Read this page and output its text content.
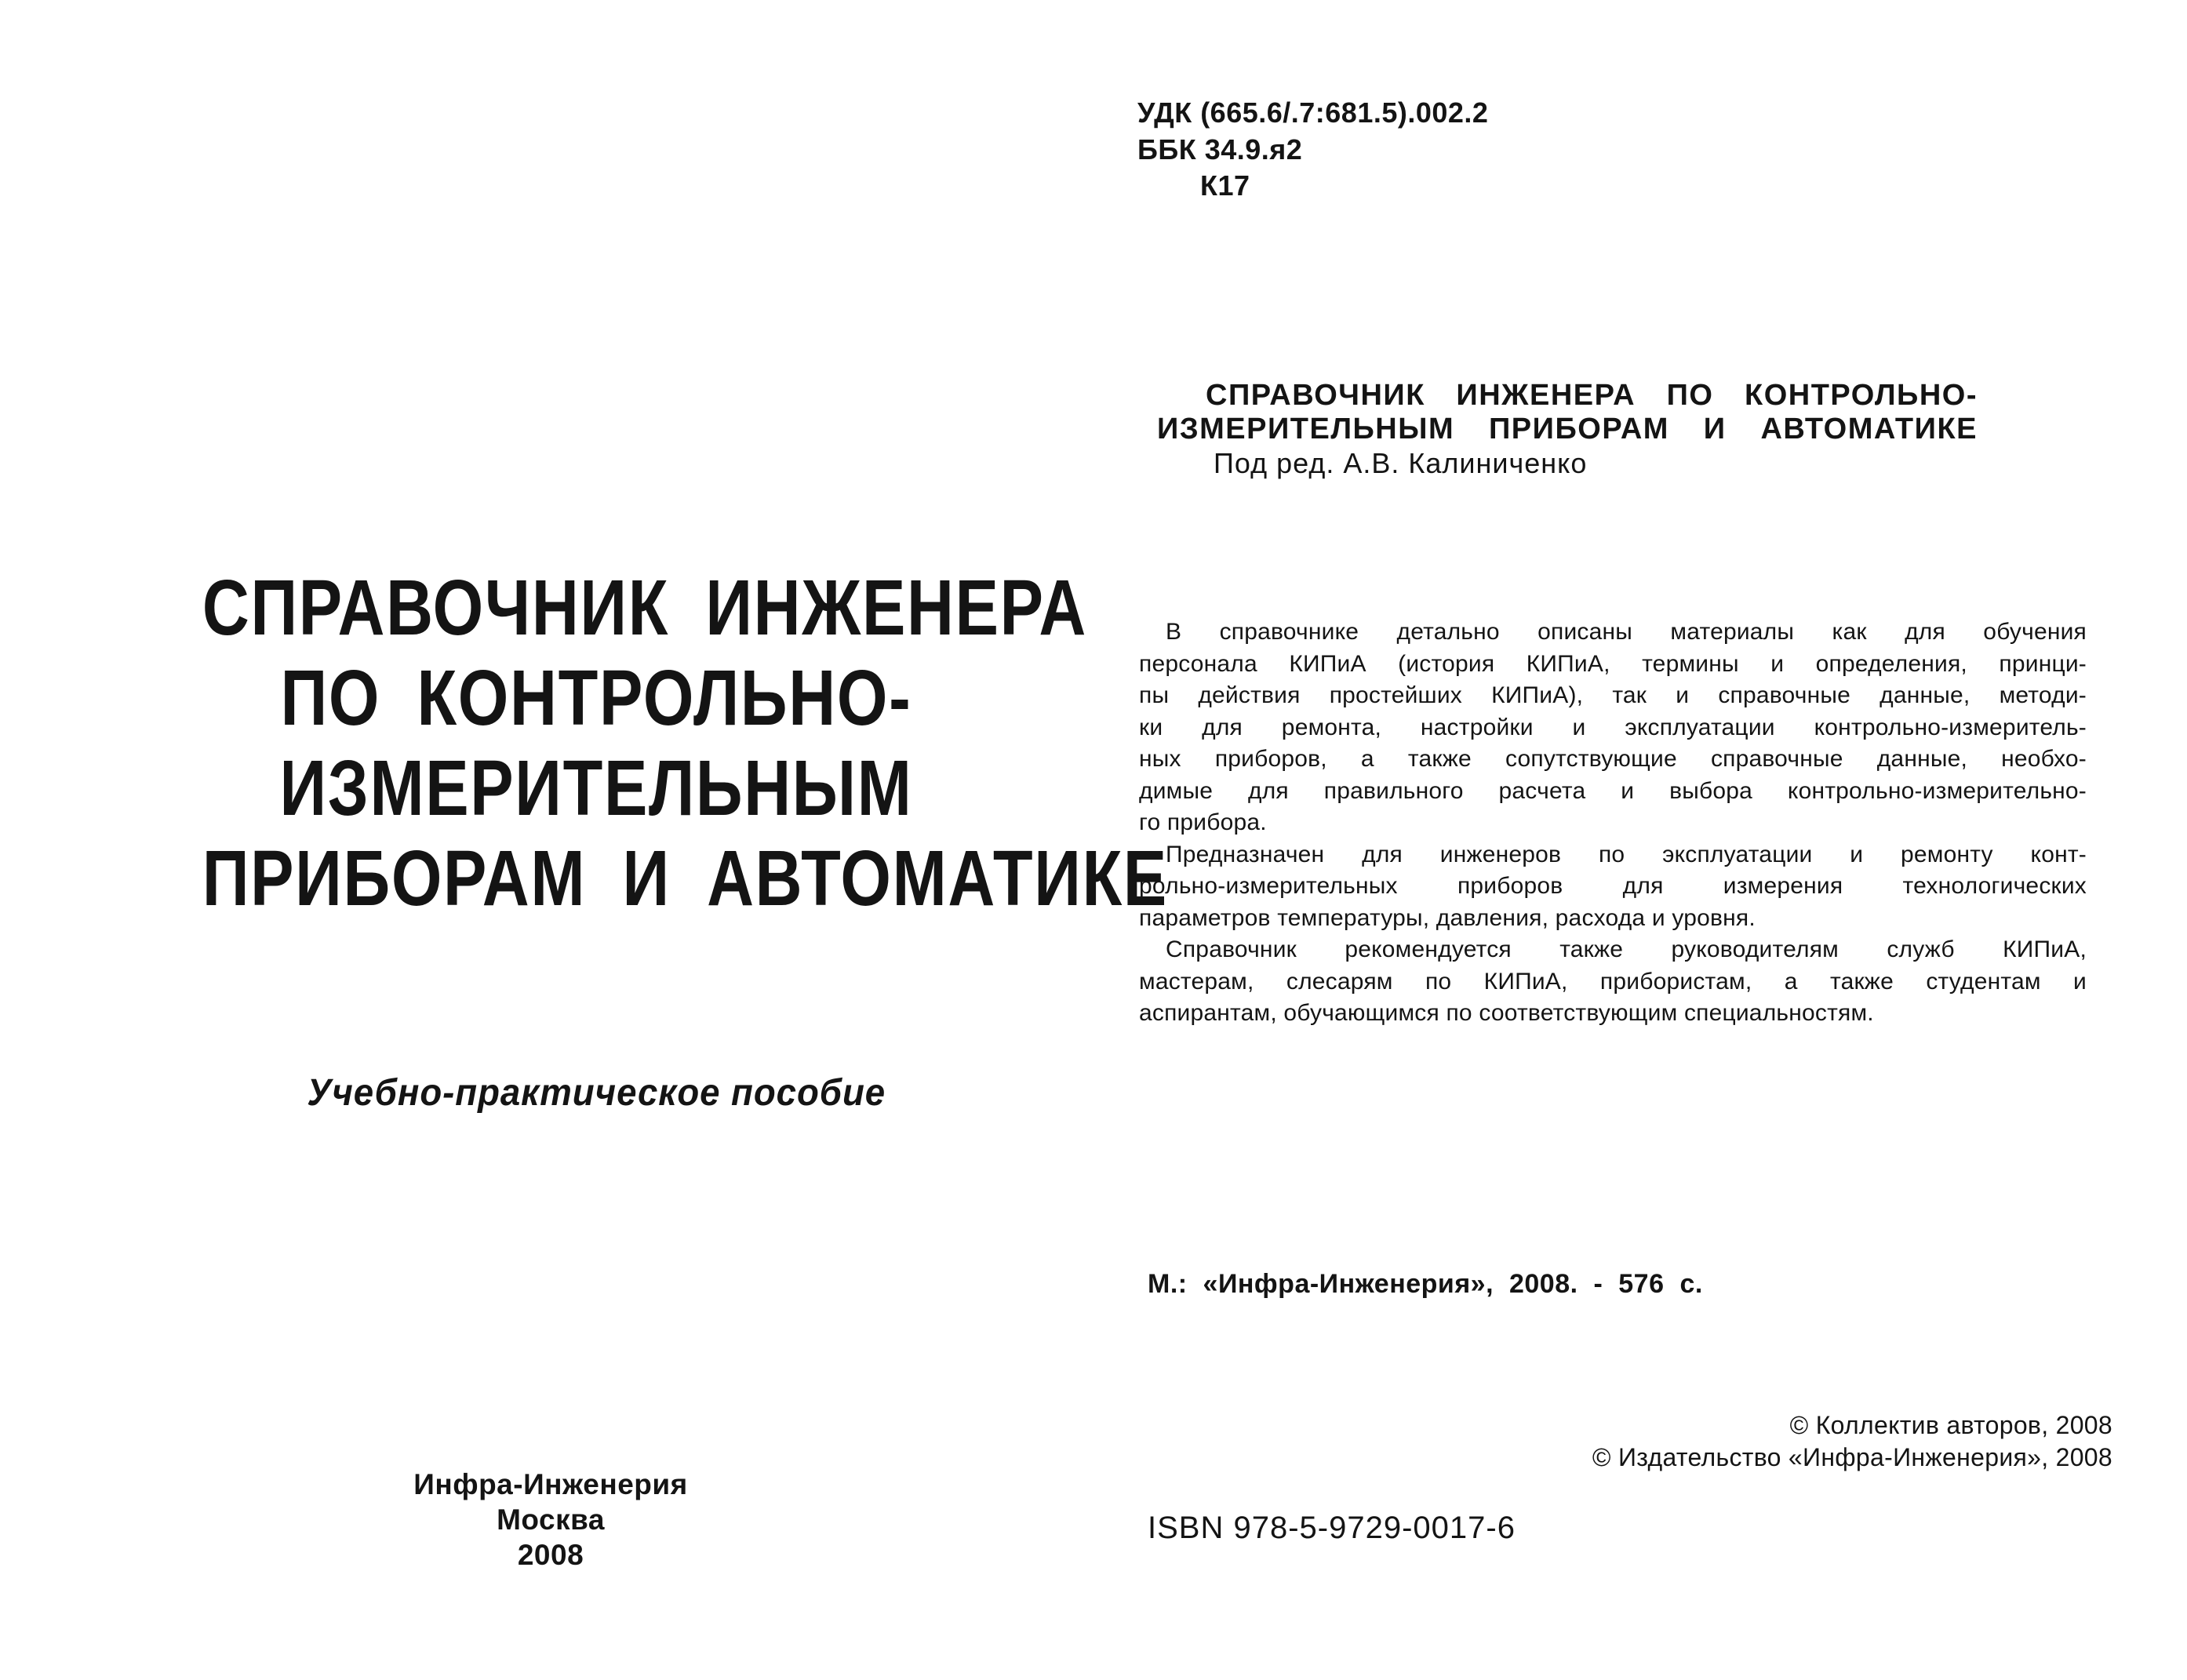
СПРАВОЧНИК ИНЖЕНЕРА
ПО КОНТРОЛЬНО-
ИЗМЕРИТЕЛЬНЫМ
ПРИБОРАМ И АВТОМАТИКЕ
Учебно-практическое пособие
Инфра-Инженерия
Москва
2008
УДК (665.6/.7:681.5).002.2
ББК 34.9.я2
К17
СПРАВОЧНИК ИНЖЕНЕРА ПО КОНТРОЛЬНО-
ИЗМЕРИТЕЛЬНЫМ ПРИБОРАМ И АВТОМАТИКЕ
Под ред. А.В. Калиниченко
В справочнике детально описаны материалы как для обучения
персонала КИПиА (история КИПиА, термины и определения, принци-
пы действия простейших КИПиА), так и справочные данные, методи-
ки для ремонта, настройки и эксплуатации контрольно-измеритель-
ных приборов, а также сопутствующие справочные данные, необхо-
димые для правильного расчета и выбора контрольно-измерительно-
го прибора.
Предназначен для инженеров по эксплуатации и ремонту конт-
рольно-измерительных приборов для измерения технологических
параметров температуры, давления, расхода и уровня.
Справочник рекомендуется также руководителям служб КИПиА,
мастерам, слесарям по КИПиА, прибористам, а также студентам и
аспирантам, обучающимся по соответствующим специальностям.
М.: «Инфра-Инженерия», 2008. - 576 с.
© Коллектив авторов, 2008
© Издательство «Инфра-Инженерия», 2008
ISBN 978-5-9729-0017-6
